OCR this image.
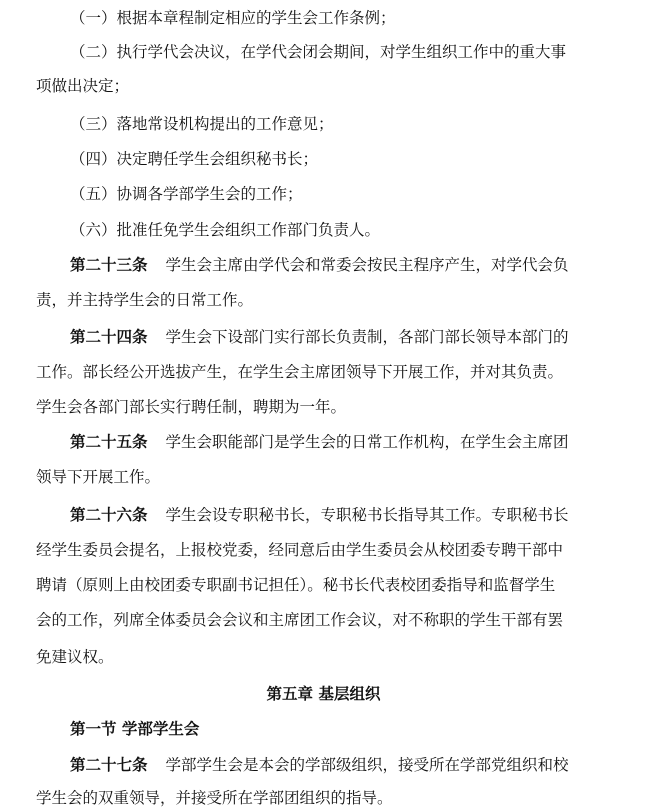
（一）根据本章程制定相应的学生会工作条例；
（二）执行学代会决议，在学代会闭会期间，对学生组织工作中的重大事
项做出决定；
（三）落地常设机构提出的工作意见；
（四）决定聘任学生会组织秘书长；
（五）协调各学部学生会的工作；
（六）批准任免学生会组织工作部门负责人。
第二十三条 学生会主席由学代会和常委会按民主程序产生，对学代会负
责，并主持学生会的日常工作。
第二十四条 学生会下设部门实行部长负责制，各部门部长领导本部门的
工作。部长经公开选拔产生，在学生会主席团领导下开展工作，并对其负责。
学生会各部门部长实行聘任制，聘期为一年。
第二十五条 学生会职能部门是学生会的日常工作机构，在学生会主席团
领导下开展工作。
第二十六条 学生会设专职秘书长，专职秘书长指导其工作。专职秘书长
经学生委员会提名，上报校党委，经同意后由学生委员会从校团委专聘干部中
聘请（原则上由校团委专职副书记担任）。秘书长代表校团委指导和监督学生
会的工作，列席全体委员会会议和主席团工作会议，对不称职的学生干部有罢
免建议权。
第五章 基层组织
第一节 学部学生会
第二十七条 学部学生会是本会的学部级组织，接受所在学部党组织和校
学生会的双重领导，并接受所在学部团组织的指导。
